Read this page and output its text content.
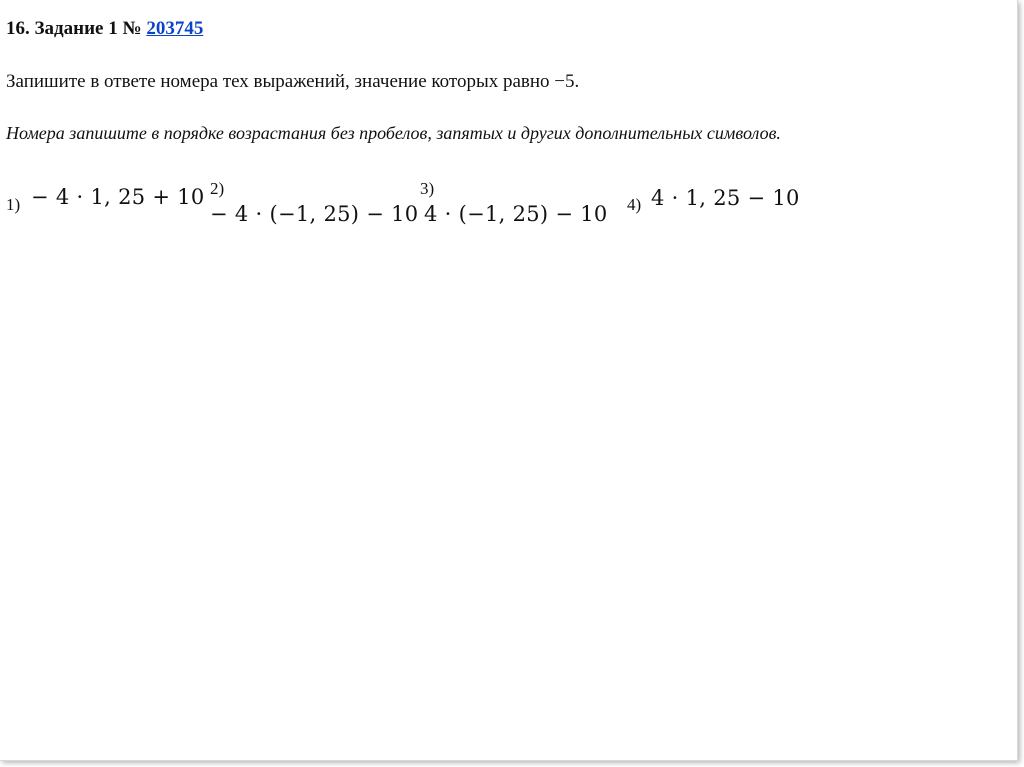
16. Задание 1 № 203745
Запишите в ответе номера тех выражений, значение которых равно −5.
Номера запишите в порядке возрастания без пробелов, запятых и других дополнительных символов.
1) − 4 · 1, 25 + 10 2)
− 4 · (−1, 25) − 10
3)
4 · (−1, 25) − 10 4) 4 · 1, 25 − 10
